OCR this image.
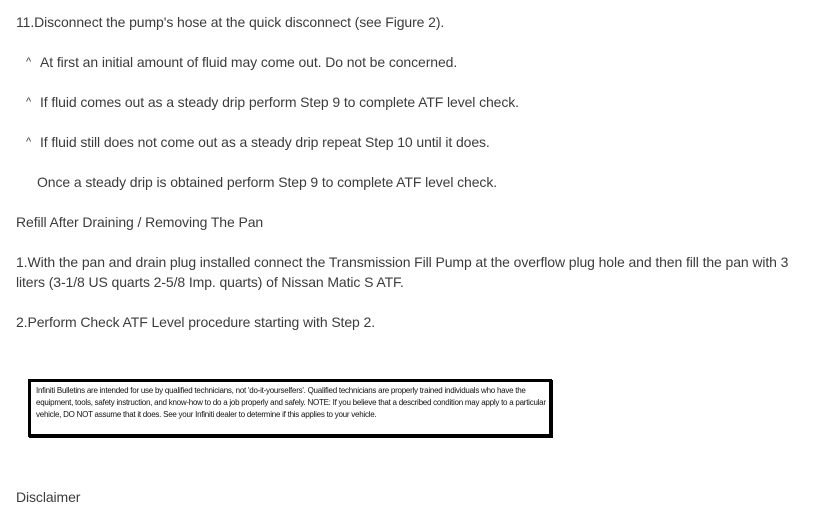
11.Disconnect the pump's hose at the quick disconnect (see Figure 2).
^ At first an initial amount of fluid may come out. Do not be concerned.
^ If fluid comes out as a steady drip perform Step 9 to complete ATF level check.
^ If fluid still does not come out as a steady drip repeat Step 10 until it does.
Once a steady drip is obtained perform Step 9 to complete ATF level check.
Refill After Draining / Removing The Pan
1.With the pan and drain plug installed connect the Transmission Fill Pump at the overflow plug hole and then fill the pan with 3 liters (3-1/8 US quarts 2-5/8 Imp. quarts) of Nissan Matic S ATF.
2.Perform Check ATF Level procedure starting with Step 2.
Infiniti Bulletins are intended for use by qualified technicians, not 'do-it-yourselfers'. Qualified technicians are properly trained individuals who have the equipment, tools, safety instruction, and know-how to do a job properly and safely. NOTE: If you believe that a described condition may apply to a particular vehicle, DO NOT assume that it does. See your Infiniti dealer to determine if this applies to your vehicle.
Disclaimer
